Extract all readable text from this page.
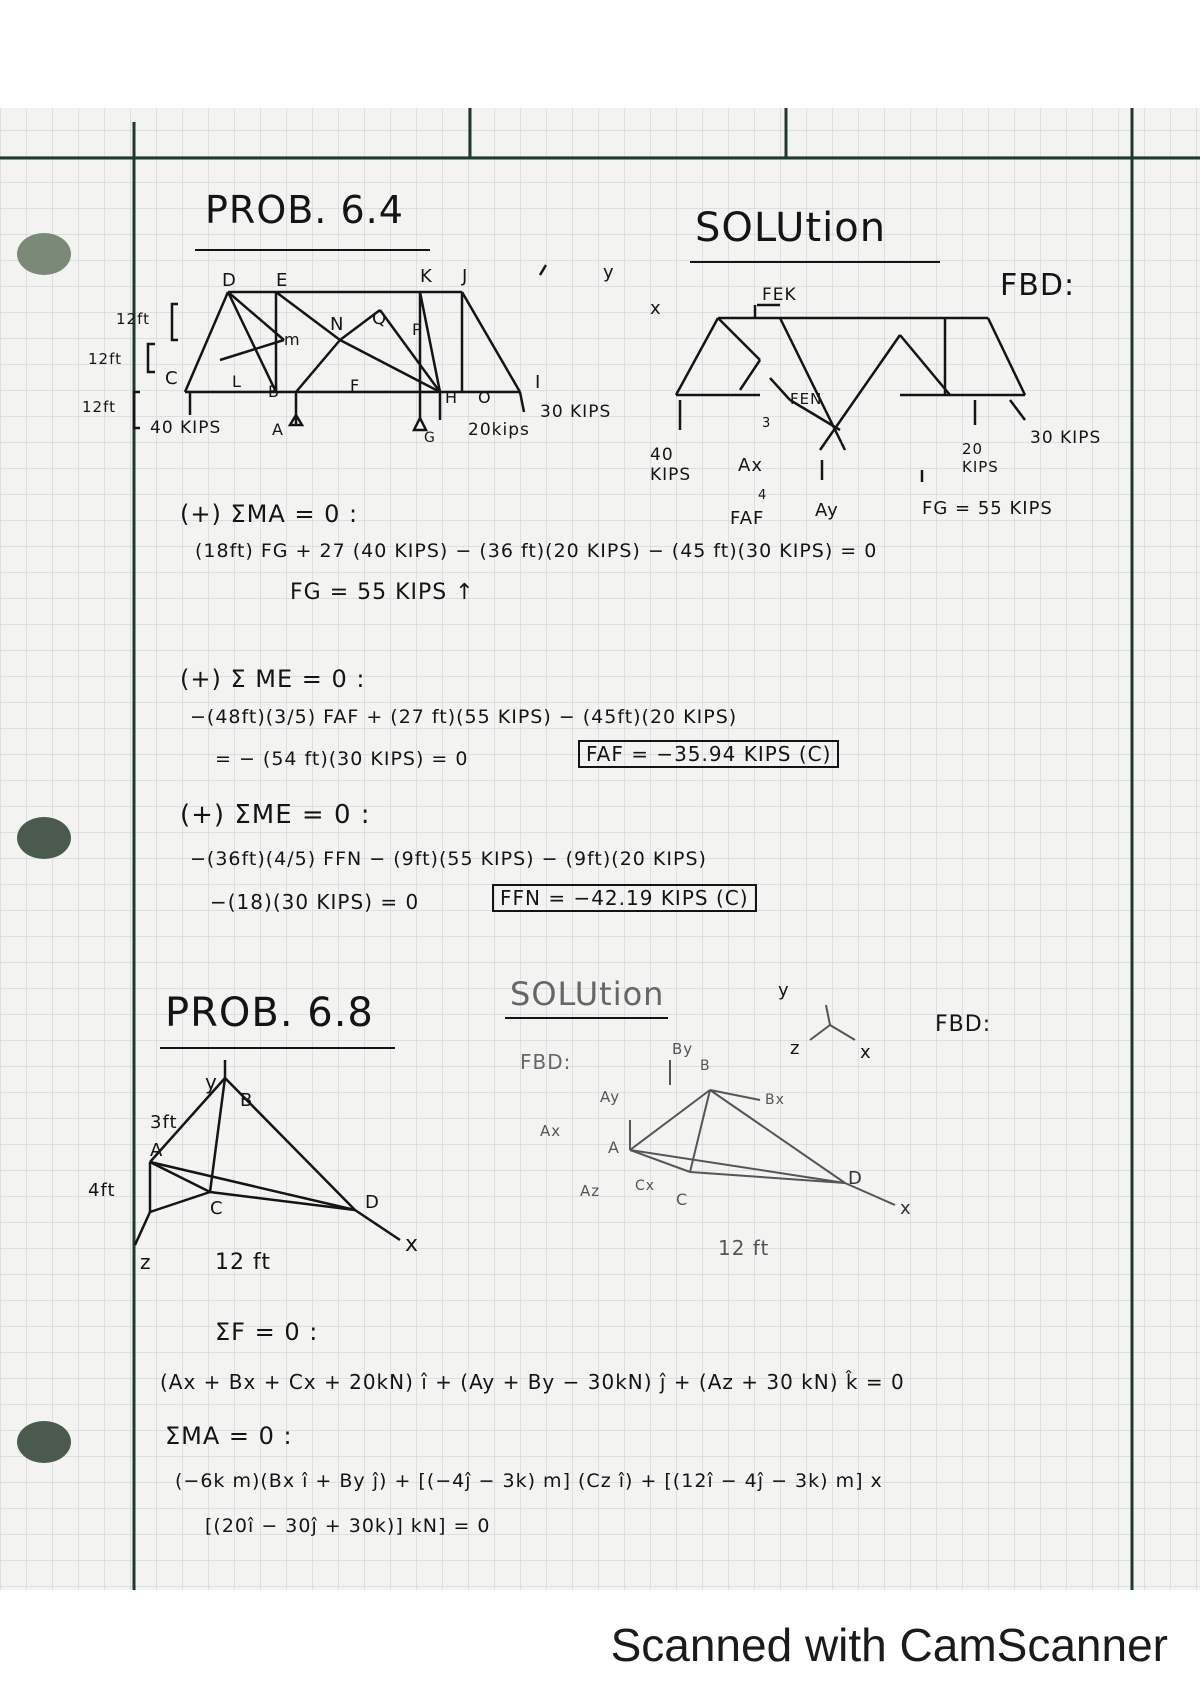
PROB. 6.4	SOLUtion
FBD:
D E	K J
N Q
m
P
C	L
B	F
H O
I
A	G
12ft
12ft
12ft
40 KIPS	20kips
30 KIPS
FEK
FEN
40 KIPS	Ax
Ay
FAF
20 KIPS
30 KIPS
FG = 55 KIPS
y
x
3
4
(+) ΣMA = 0 :
(18ft) FG + 27 (40 KIPS) − (36 ft)(20 KIPS) − (45 ft)(30 KIPS) = 0
FG = 55 KIPS ↑
(+) Σ ME = 0 :
−(48ft)(3/5) FAF + (27 ft)(55 KIPS) − (45ft)(20 KIPS)
= − (54 ft)(30 KIPS) = 0	FAF = −35.94 KIPS (C)
(+) ΣME = 0 :
−(36ft)(4/5) FFN − (9ft)(55 KIPS) − (9ft)(20 KIPS)
−(18)(30 KIPS) = 0	FFN = −42.19 KIPS (C)
PROB. 6.8	SOLUtion
FBD:
FBD:
3ft
4ft
12 ft
y
x
z
A
B
C	D
Ay
By
Ax
Az
Bx
Cx
A
B
C
D
x
12 ft
y
z	x
ΣF = 0 :
(Ax + Bx + Cx + 20kN) î + (Ay + By − 30kN) ĵ + (Az + 30 kN) k̂ = 0
ΣMA = 0 :
(−6k m)(Bx î + By ĵ) + [(−4ĵ − 3k) m] (Cz î) + [(12î − 4ĵ − 3k) m] x
[(20î − 30ĵ + 30k)] kN] = 0
Scanned with CamScanner
